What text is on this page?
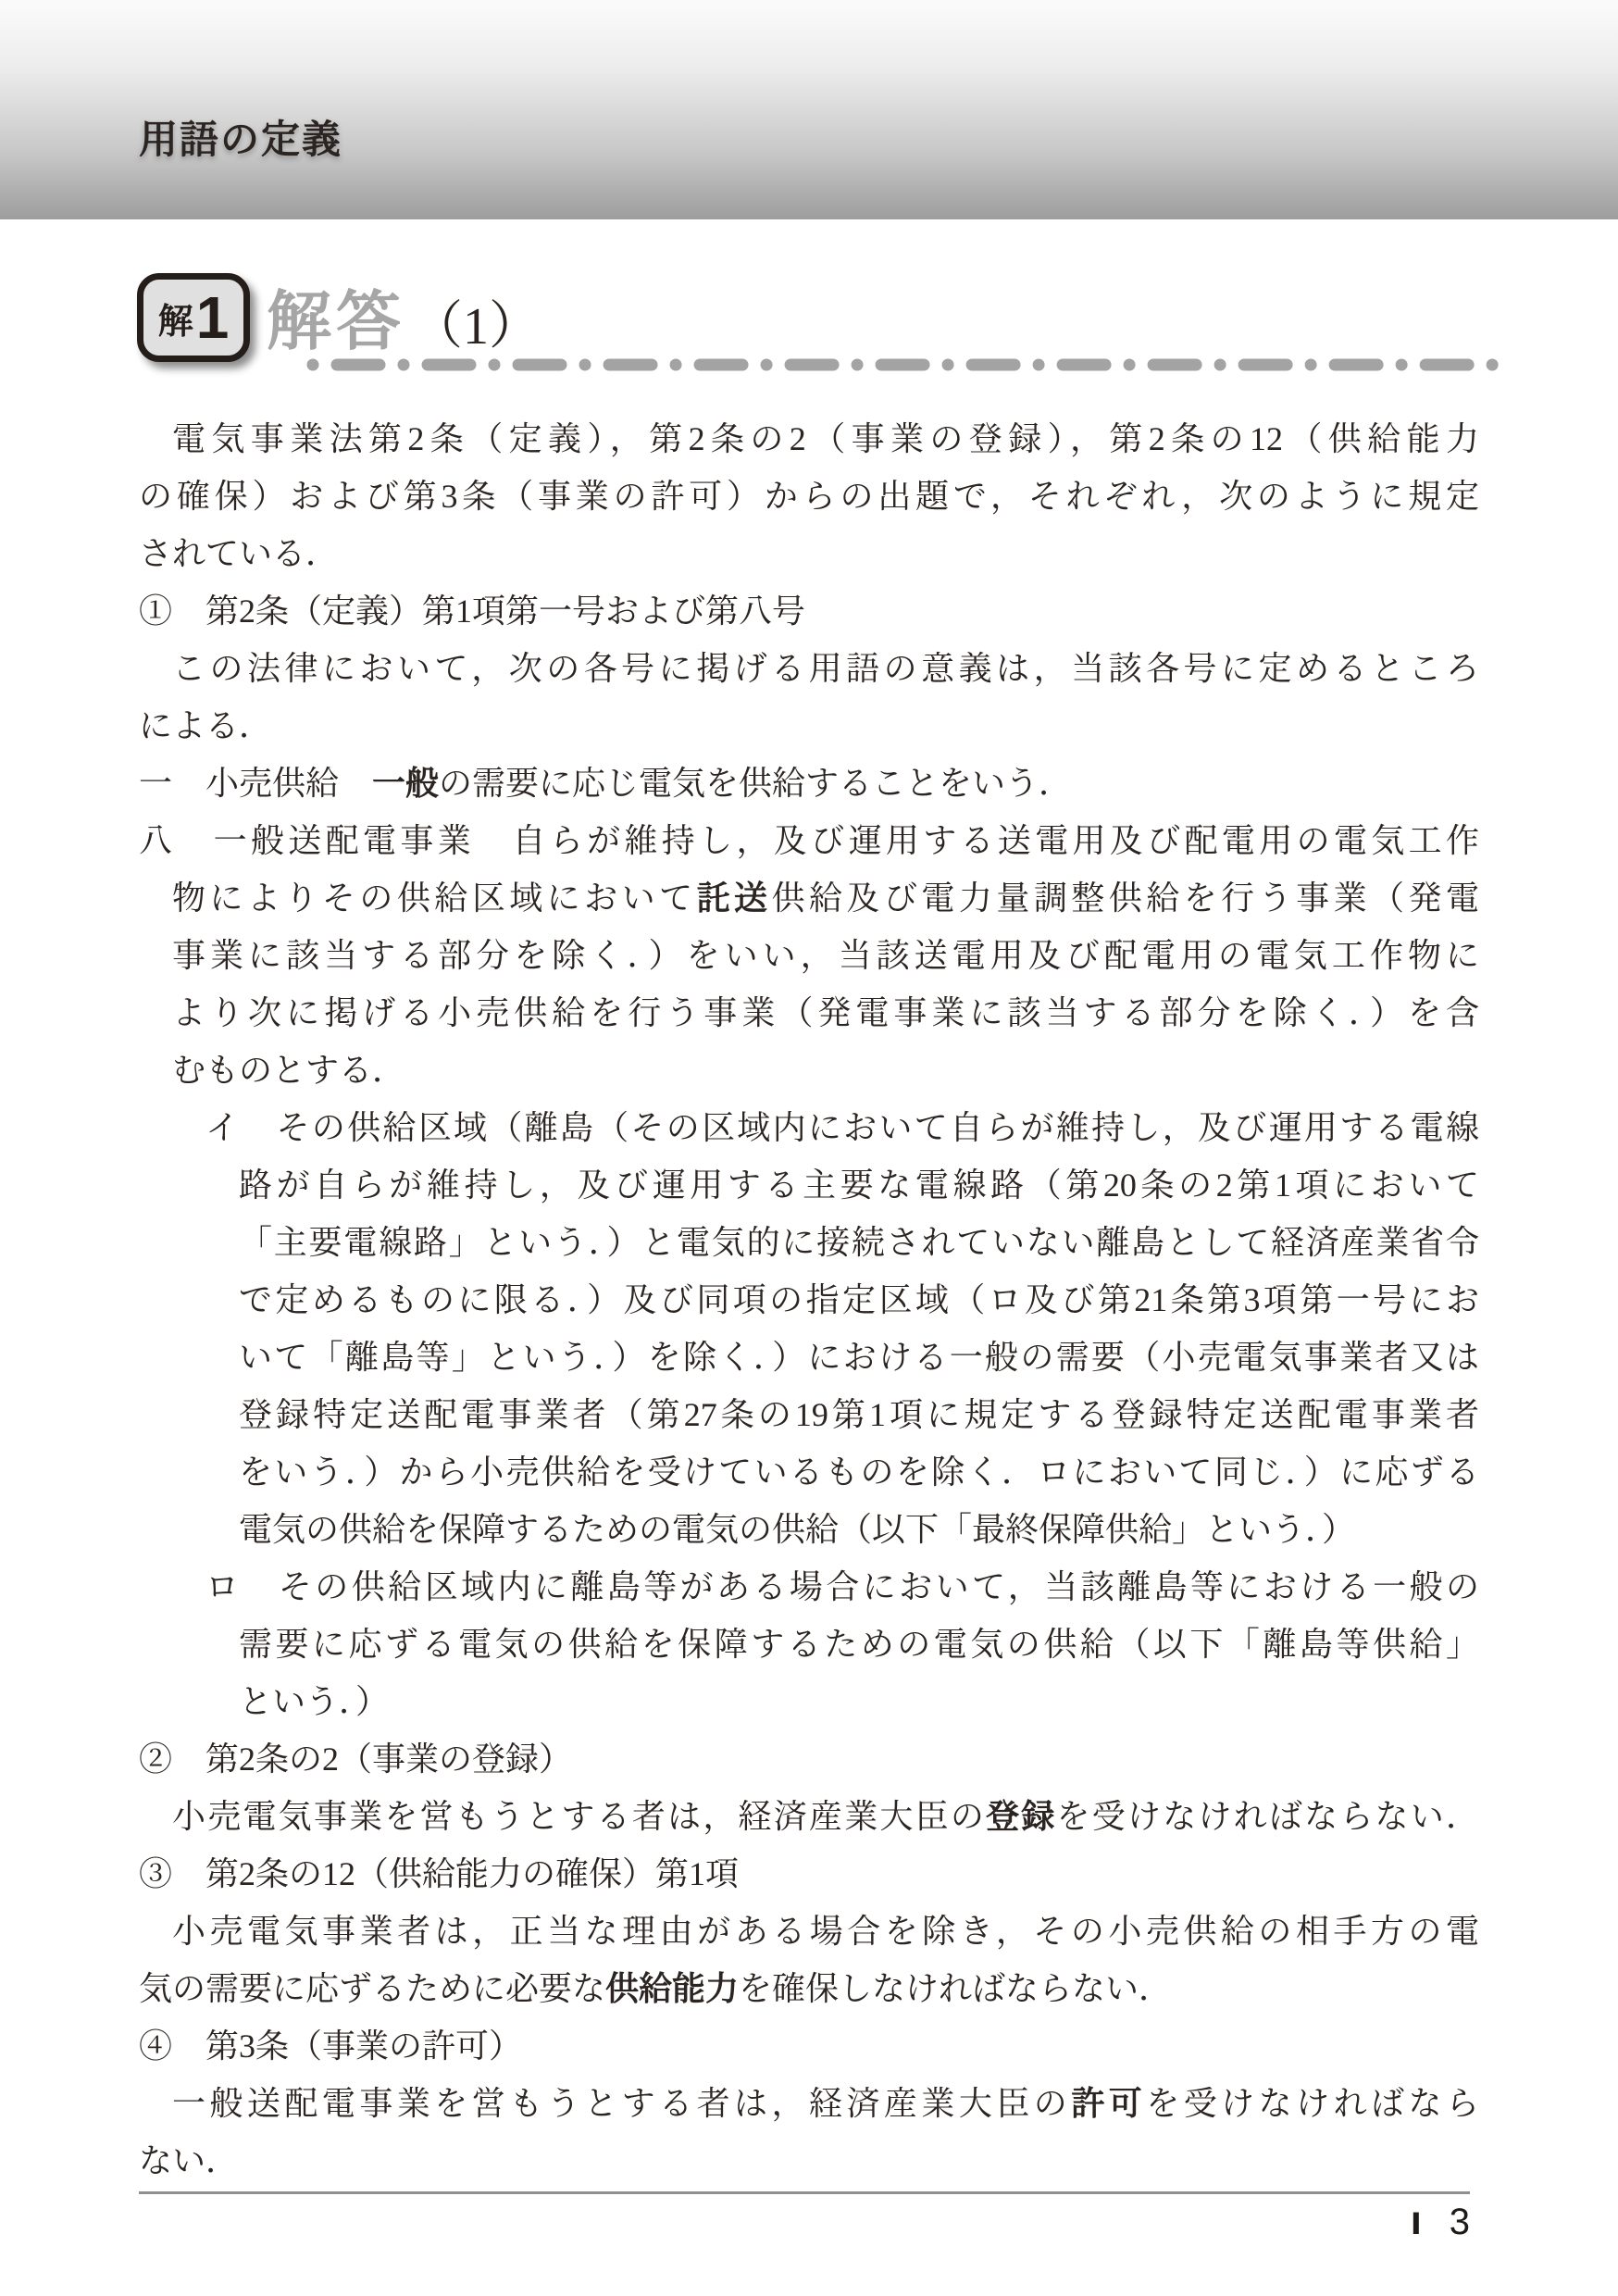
用語の定義
解 1 解答 （1）
電気事業法第2条（定義），第2条の2（事業の登録），第2条の12（供給能力
の確保）および第3条（事業の許可）からの出題で，それぞれ，次のように規定
されている．
①　第2条（定義）第1項第一号および第八号
この法律において，次の各号に掲げる用語の意義は，当該各号に定めるところ
による．
一　小売供給　一般の需要に応じ電気を供給することをいう．
八　一般送配電事業　自らが維持し，及び運用する送電用及び配電用の電気工作
物によりその供給区域において託送供給及び電力量調整供給を行う事業（発電
事業に該当する部分を除く．）をいい，当該送電用及び配電用の電気工作物に
より次に掲げる小売供給を行う事業（発電事業に該当する部分を除く．）を含
むものとする．
イ　その供給区域（離島（その区域内において自らが維持し，及び運用する電線
路が自らが維持し，及び運用する主要な電線路（第20条の2第1項において
「主要電線路」という．）と電気的に接続されていない離島として経済産業省令
で定めるものに限る．）及び同項の指定区域（ロ及び第21条第3項第一号にお
いて「離島等」という．）を除く．）における一般の需要（小売電気事業者又は
登録特定送配電事業者（第27条の19第1項に規定する登録特定送配電事業者
をいう．）から小売供給を受けているものを除く．ロにおいて同じ．）に応ずる
電気の供給を保障するための電気の供給（以下「最終保障供給」という．）
ロ　その供給区域内に離島等がある場合において，当該離島等における一般の
需要に応ずる電気の供給を保障するための電気の供給（以下「離島等供給」
という．）
②　第2条の2（事業の登録）
小売電気事業を営もうとする者は，経済産業大臣の登録を受けなければならない．
③　第2条の12（供給能力の確保）第1項
小売電気事業者は，正当な理由がある場合を除き，その小売供給の相手方の電
気の需要に応ずるために必要な供給能力を確保しなければならない．
④　第3条（事業の許可）
一般送配電事業を営もうとする者は，経済産業大臣の許可を受けなければなら
ない．
Ⅰ 3
